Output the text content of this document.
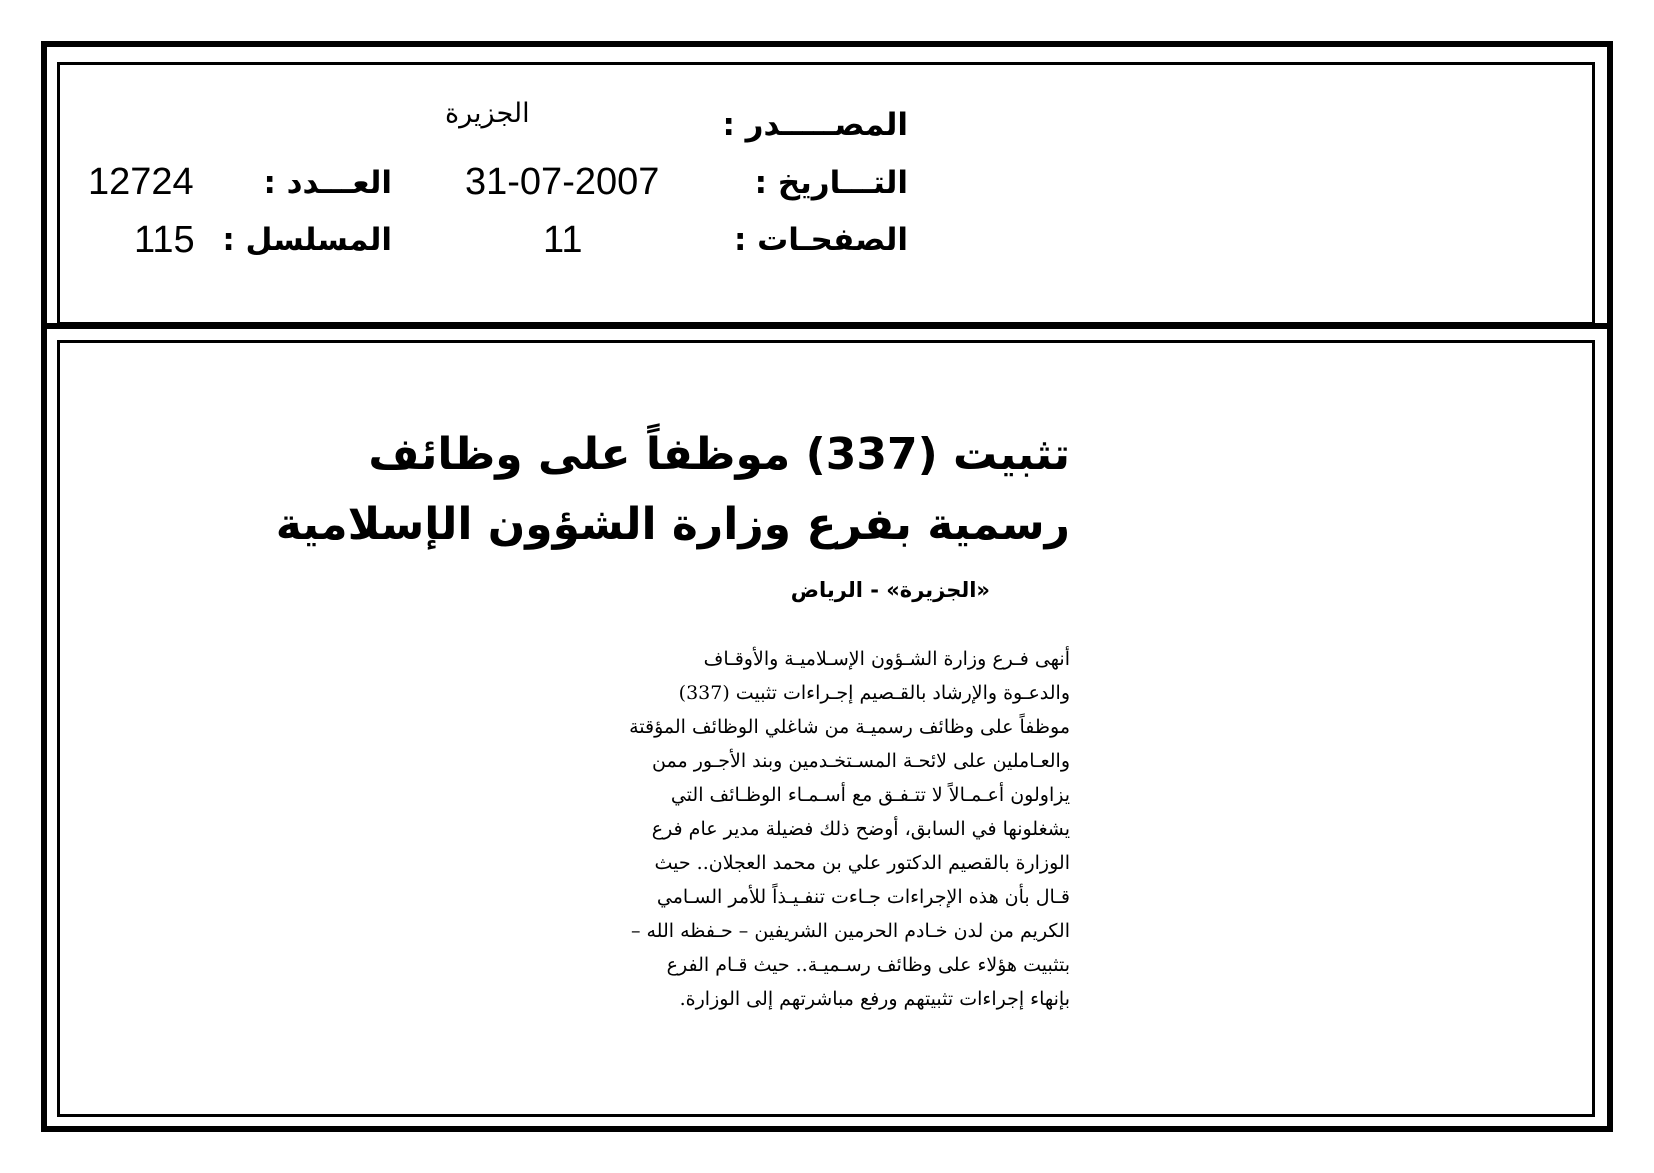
المصـــــدر :
الجزيرة
التـــاريخ :
31-07-2007
العـــدد :
12724
الصفحـات :
11
المسلسل :
115
تثبيت (337) موظفاً على وظائف
رسمية بفرع وزارة الشؤون الإسلامية
«الجزيرة» - الرياض
أنهى فـرع وزارة الشـؤون الإسـلاميـة والأوقـاف
والدعـوة والإرشاد بالقـصيم إجـراءات تثبيت (337)
موظفاً على وظائف رسميـة من شاغلي الوظائف المؤقتة
والعـاملين على لائحـة المسـتخـدمين وبند الأجـور ممن
يزاولون أعـمـالاً لا تتـفـق مع أسـمـاء الوظـائف التي
يشغلونها في السابق، أوضح ذلك فضيلة مدير عام فرع
الوزارة بالقصيم الدكتور علي بن محمد العجلان.. حيث
قـال بأن هذه الإجراءات جـاءت تنفـيـذاً للأمر السـامي
الكريم من لدن خـادم الحرمين الشريفين – حـفظه الله –
بتثبيت هؤلاء على وظائف رسـميـة.. حيث قـام الفرع
بإنهاء إجراءات تثبيتهم ورفع مباشرتهم إلى الوزارة.
